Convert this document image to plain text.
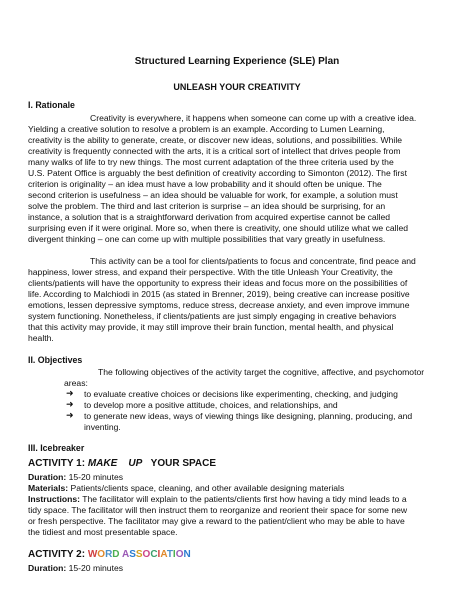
Structured Learning Experience (SLE) Plan
UNLEASH YOUR CREATIVITY
I. Rationale
Creativity is everywhere, it happens when someone can come up with a creative idea.
Yielding a creative solution to resolve a problem is an example. According to Lumen Learning,
creativity is the ability to generate, create, or discover new ideas, solutions, and possibilities. While
creativity is frequently connected with the arts, it is a critical sort of intellect that drives people from
many walks of life to try new things. The most current adaptation of the three criteria used by the
U.S. Patent Office is arguably the best definition of creativity according to Simonton (2012). The first
criterion is originality – an idea must have a low probability and it should often be unique. The
second criterion is usefulness – an idea should be valuable for work, for example, a solution must
solve the problem. The third and last criterion is surprise – an idea should be surprising, for an
instance, a solution that is a straightforward derivation from acquired expertise cannot be called
surprising even if it were original. More so, when there is creativity, one should utilize what we called
divergent thinking – one can come up with multiple possibilities that vary greatly in usefulness.
This activity can be a tool for clients/patients to focus and concentrate, find peace and
happiness, lower stress, and expand their perspective. With the title Unleash Your Creativity, the
clients/patients will have the opportunity to express their ideas and focus more on the possibilities of
life. According to Malchiodi in 2015 (as stated in Brenner, 2019), being creative can increase positive
emotions, lessen depressive symptoms, reduce stress, decrease anxiety, and even improve immune
system functioning. Nonetheless, if clients/patients are just simply engaging in creative behaviors
that this activity may provide, it may still improve their brain function, mental health, and physical
health.
II. Objectives
The following objectives of the activity target the cognitive, affective, and psychomotor
areas:
➜ to evaluate creative choices or decisions like experimenting, checking, and judging
➜ to develop more a positive attitude, choices, and relationships, and
➜ to generate new ideas, ways of viewing things like designing, planning, producing, and
inventing.
III. Icebreaker
ACTIVITY 1: MAKE UP YOUR SPACE
Duration: 15-20 minutes
Materials: Patients/clients space, cleaning, and other available designing materials
Instructions: The facilitator will explain to the patients/clients first how having a tidy mind leads to a
tidy space. The facilitator will then instruct them to reorganize and reorient their space for some new
or fresh perspective. The facilitator may give a reward to the patient/client who may be able to have
the tidiest and most presentable space.
ACTIVITY 2: WORD ASSOCIATION
Duration: 15-20 minutes
